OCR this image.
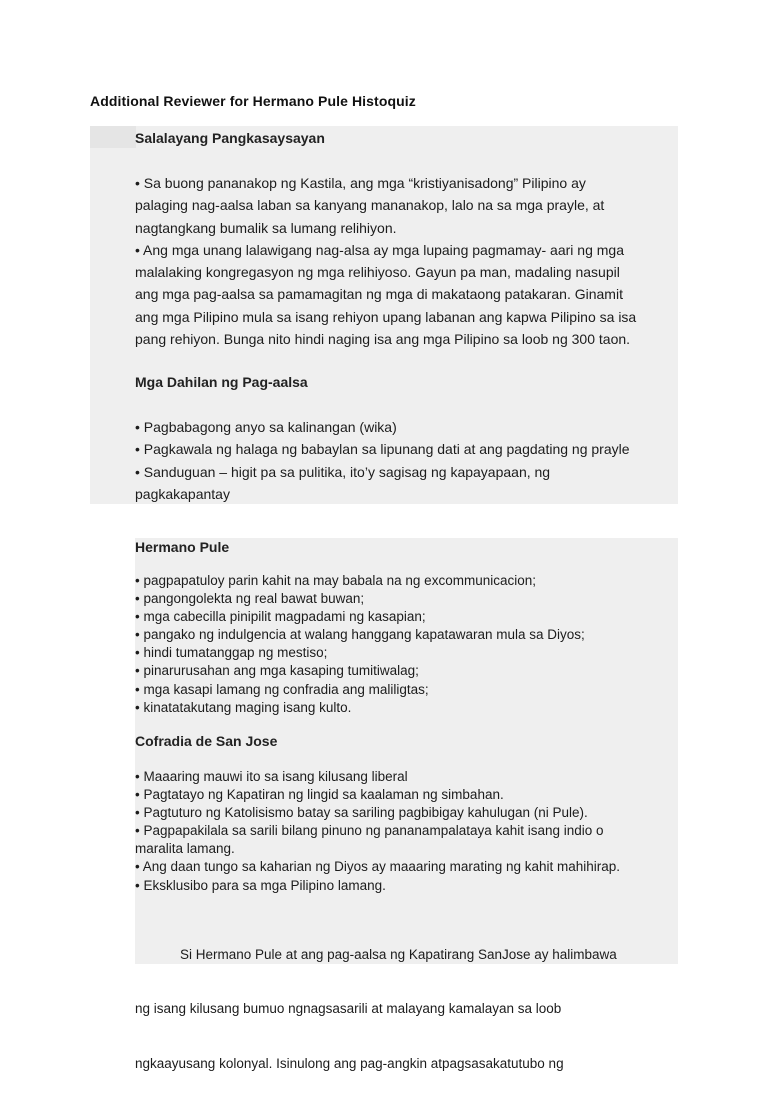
Additional Reviewer for Hermano Pule Histoquiz
Salalayang Pangkasaysayan

• Sa buong pananakop ng Kastila, ang mga “kristiyanisadong” Pilipino ay

palaging nag-aalsa laban sa kanyang mananakop, lalo na sa mga prayle, at

nagtangkang bumalik sa lumang relihiyon.

• Ang mga unang lalawigang nag-alsa ay mga lupaing pagmamay- aari ng mga

malalaking kongregasyon ng mga relihiyoso. Gayun pa man, madaling nasupil

ang mga pag-aalsa sa pamamagitan ng mga di makataong patakaran. Ginamit

ang mga Pilipino mula sa isang rehiyon upang labanan ang kapwa Pilipino sa isa

pang rehiyon. Bunga nito hindi naging isa ang mga Pilipino sa loob ng 300 taon.

Mga Dahilan ng Pag-aalsa

• Pagbabagong anyo sa kalinangan (wika)

• Pagkawala ng halaga ng babaylan sa lipunang dati at ang pagdating ng prayle

• Sanduguan – higit pa sa pulitika, ito’y sagisag ng kapayapaan, ng

pagkakapantay

Hermano Pule
• pagpapatuloy parin kahit na may babala na ng excommunicacion;
• pangongolekta ng real bawat buwan;
• mga cabecilla pinipilit magpadami ng kasapian;
• pangako ng indulgencia at walang hanggang kapatawaran mula sa Diyos;
• hindi tumatanggap ng mestiso;
• pinarurusahan ang mga kasaping tumitiwalag;
• mga kasapi lamang ng confradia ang maliligtas;
• kinatatakutang maging isang kulto.
Cofradia de San Jose
• Maaaring mauwi ito sa isang kilusang liberal
• Pagtatayo ng Kapatiran ng lingid sa kaalaman ng simbahan.
• Pagtuturo ng Katolisismo batay sa sariling pagbibigay kahulugan (ni Pule).
• Pagpapakilala sa sarili bilang pinuno ng pananampalataya kahit isang indio o
maralita lamang.
• Ang daan tungo sa kaharian ng Diyos ay maaaring marating ng kahit mahihirap.
• Eksklusibo para sa mga Pilipino lamang.

Si Hermano Pule at ang pag-aalsa ng Kapatirang SanJose ay halimbawa

ng isang kilusang bumuo ngnagsasarili at malayang kamalayan sa loob

ngkaayusang kolonyal. Isinulong ang pag-angkin atpagsasakatutubo ng
